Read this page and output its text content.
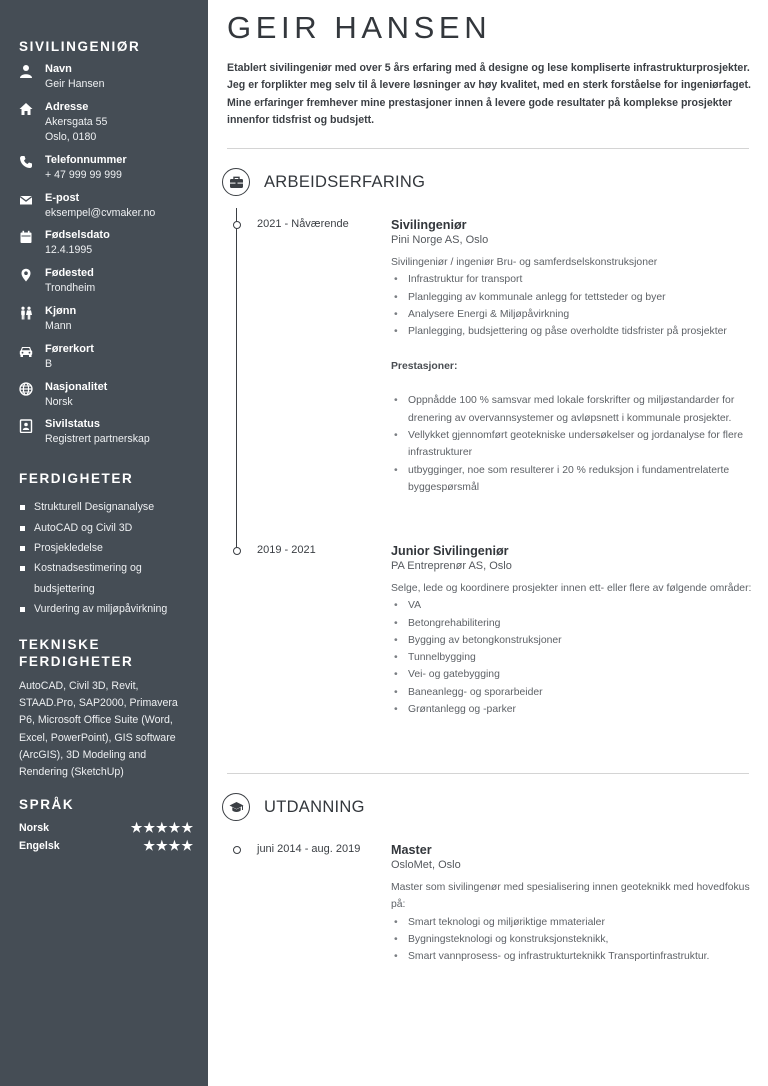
SIVILINGENIØR
Navn
Geir Hansen
Adresse
Akersgata 55
Oslo, 0180
Telefonnummer
+ 47 999 99 999
E-post
eksempel@cvmaker.no
Fødselsdato
12.4.1995
Fødested
Trondheim
Kjønn
Mann
Førerkort
B
Nasjonalitet
Norsk
Sivilstatus
Registrert partnerskap
FERDIGHETER
Strukturell Designanalyse
AutoCAD og Civil 3D
Prosjekledelse
Kostnadsestimering og budsjettering
Vurdering av miljøpåvirkning
TEKNISKE
FERDIGHETER
AutoCAD, Civil 3D, Revit, STAAD.Pro, SAP2000, Primavera P6, Microsoft Office Suite (Word, Excel, PowerPoint), GIS software (ArcGIS), 3D Modeling and Rendering (SketchUp)
SPRÅK
Norsk	★★★★★
Engelsk	★★★★
GEIR HANSEN

Etablert sivilingeniør med over 5 års erfaring med å designe og lese kompliserte infrastrukturprosjekter. Jeg er forplikter meg selv til å levere løsninger av høy kvalitet, med en sterk forståelse for ingeniørfaget. Mine erfaringer fremhever mine prestasjoner innen å levere gode resultater på komplekse prosjekter innenfor tidsfrist og budsjett.

ARBEIDSERFARING
2021 - Nåværende	Sivilingeniør
Pini Norge AS, Oslo
Sivilingeniør / ingeniør Bru- og samferdselskonstruksjoner
• Infrastruktur for transport
• Planlegging av kommunale anlegg for tettsteder og byer
• Analysere Energi & Miljøpåvirkning
• Planlegging, budsjettering og påse overholdte tidsfrister på prosjekter
Prestasjoner:
• Oppnådde 100 % samsvar med lokale forskrifter og miljøstandarder for drenering av overvannsystemer og avløpsnett i kommunale prosjekter.
• Vellykket gjennomført geotekniske undersøkelser og jordanalyse for flere infrastrukturer
• utbygginger, noe som resulterer i 20 % reduksjon i fundamentrelaterte byggespørsmål
2019 - 2021	Junior Sivilingeniør
PA Entreprenør AS, Oslo
Selge, lede og koordinere prosjekter innen ett- eller flere av følgende områder:
• VA
• Betongrehabilitering
• Bygging av betongkonstruksjoner
• Tunnelbygging
• Vei- og gatebygging
• Baneanlegg- og sporarbeider
• Grøntanlegg og -parker
UTDANNING
juni 2014 - aug. 2019 Master
OsloMet, Oslo
Master som sivilingenør med spesialisering innen geoteknikk med hovedfokus på:
• Smart teknologi og miljøriktige mmaterialer
• Bygningsteknologi og konstruksjonsteknikk,
• Smart vannprosess- og infrastrukturteknikk Transportinfrastruktur.
